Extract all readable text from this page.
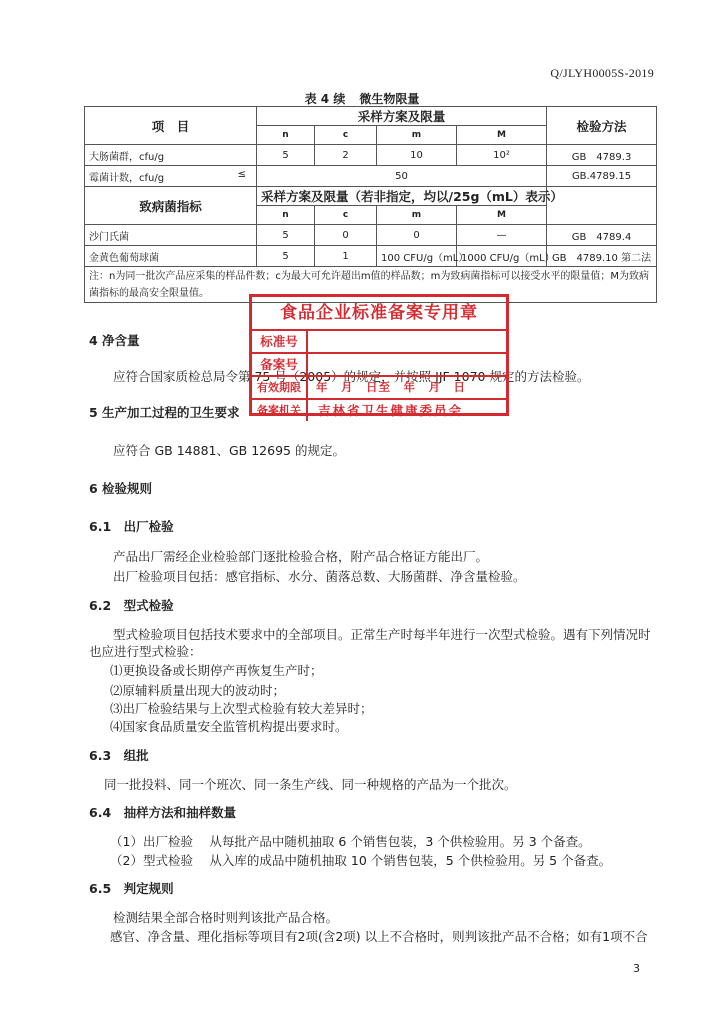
Q/JLYH0005S-2019
表 4 续 微生物限量
项　目	采样方案及限量				检验方法
	n	c	m	M	
大肠菌群，cfu/g	5	2	10	10²	GB　4789.3
霉菌计数，cfu/g ≤	50				GB.4789.15
致病菌指标	采样方案及限量（若非指定，均以/25g（mL）表示）				
	n	c	m	M	
沙门氏菌	5	0	0	—	GB　4789.4
金黄色葡萄球菌	5	1	100 CFU/g（mL）	1000 CFU/g（mL）	GB　4789.10 第二法
注：n为同一批次产品应采集的样品件数；c为最大可允许超出m值的样品数；m为致病菌指标可以接受水平的限量值；M为致病菌指标的最高安全限量值。					
4 净含量
应符合国家质检总局令第 75 号（2005）的规定，并按照 JJF 1070 规定的方法检验。
5 生产加工过程的卫生要求
应符合 GB 14881、GB 12695 的规定。
6 检验规则
6.1　出厂检验
产品出厂需经企业检验部门逐批检验合格，附产品合格证方能出厂。
出厂检验项目包括：感官指标、水分、菌落总数、大肠菌群、净含量检验。
6.2　型式检验
型式检验项目包括技术要求中的全部项目。正常生产时每半年进行一次型式检验。遇有下列情况时
也应进行型式检验：
⑴更换设备或长期停产再恢复生产时；
⑵原辅料质量出现大的波动时；
⑶出厂检验结果与上次型式检验有较大差异时；
⑷国家食品质量安全监管机构提出要求时。
6.3　组批
同一批投料、同一个班次、同一条生产线、同一种规格的产品为一个批次。
6.4　抽样方法和抽样数量
（1）出厂检验　 从每批产品中随机抽取 6 个销售包装，3 个供检验用。另 3 个备查。
（2）型式检验　 从入库的成品中随机抽取 10 个销售包装，5 个供检验用。另 5 个备查。
6.5　判定规则
检测结果全部合格时则判该批产品合格。
感官、净含量、理化指标等项目有2项(含2项) 以上不合格时，则判该批产品不合格；如有1项不合
食品企业标准备案专用章
标准号
备案号
有效期限	年　月　日至　年　月　日
备案机关	吉林省卫生健康委员会
3
